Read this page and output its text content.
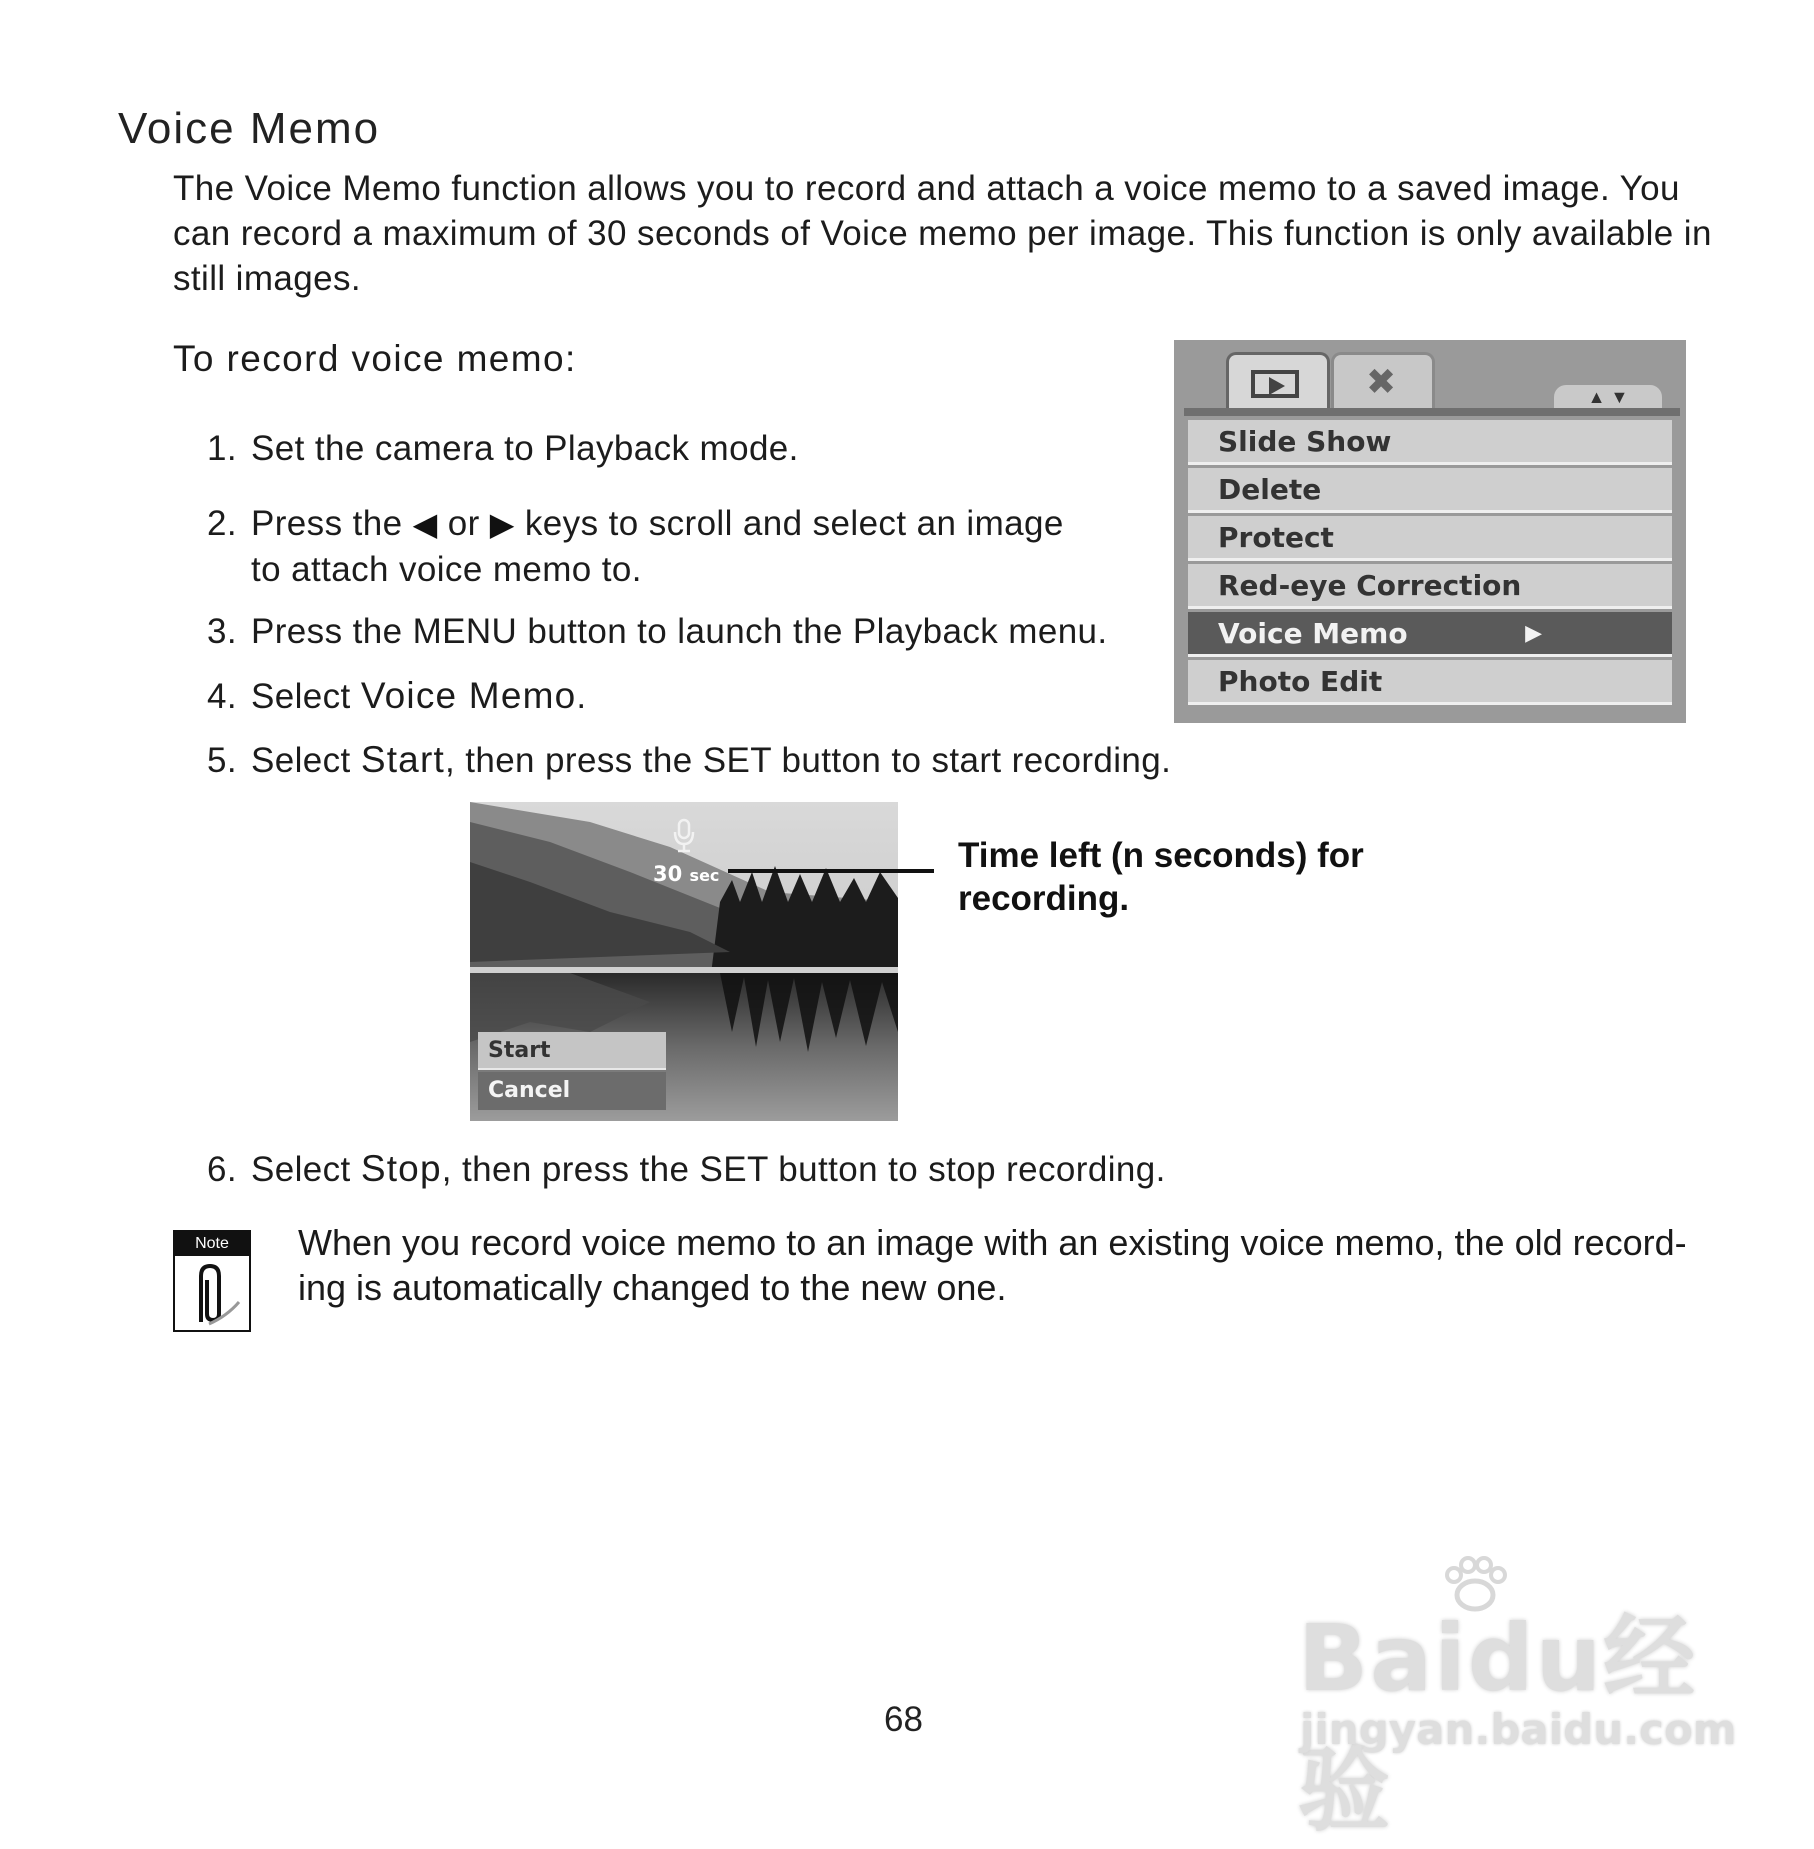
Voice Memo
The Voice Memo function allows you to record and attach a voice memo to a saved image. You can record a maximum of 30 seconds of Voice memo per image. This function is only available in still images.
To record voice memo:
1. Set the camera to Playback mode.
2. Press the ◀ or ▶ keys to scroll and select an image
to attach voice memo to.
3. Press the MENU button to launch the Playback menu.
4. Select Voice Memo.
5. Select Start, then press the SET button to start recording.
✖	▲ ▼
Slide Show
Delete
Protect
Red-eye Correction
Voice Memo	▶
Photo Edit
30 sec
Start
Cancel
Time left (n seconds) for
recording.
6. Select Stop, then press the SET button to stop recording.
Note	When you record voice memo to an image with an existing voice memo, the old record-ing is automatically changed to the new one.
68
Baidu经验
jingyan.baidu.com
